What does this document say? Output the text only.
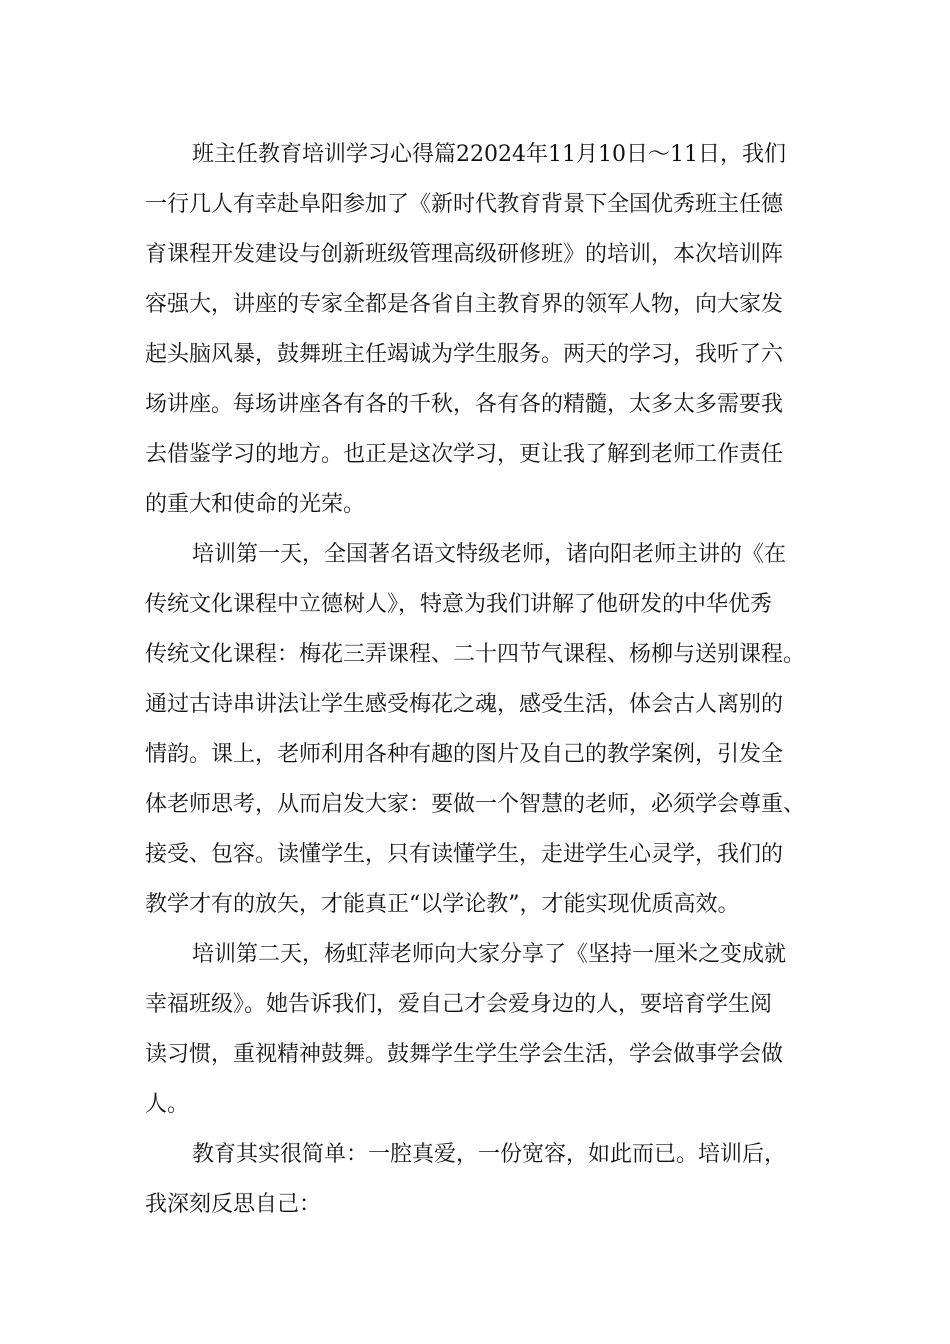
班主任教育培训学习心得篇22024年11月10日～11日，我们
一行几人有幸赴阜阳参加了《新时代教育背景下全国优秀班主任德
育课程开发建设与创新班级管理高级研修班》的培训，本次培训阵
容强大，讲座的专家全都是各省自主教育界的领军人物，向大家发
起头脑风暴，鼓舞班主任竭诚为学生服务。两天的学习，我听了六
场讲座。每场讲座各有各的千秋，各有各的精髓，太多太多需要我
去借鉴学习的地方。也正是这次学习，更让我了解到老师工作责任
的重大和使命的光荣。
培训第一天，全国著名语文特级老师，诸向阳老师主讲的《在
传统文化课程中立德树人》，特意为我们讲解了他研发的中华优秀
传统文化课程：梅花三弄课程、二十四节气课程、杨柳与送别课程。
通过古诗串讲法让学生感受梅花之魂，感受生活，体会古人离别的
情韵。课上，老师利用各种有趣的图片及自己的教学案例，引发全
体老师思考，从而启发大家：要做一个智慧的老师，必须学会尊重、
接受、包容。读懂学生，只有读懂学生，走进学生心灵学，我们的
教学才有的放矢，才能真正“以学论教”，才能实现优质高效。
培训第二天，杨虹萍老师向大家分享了《坚持一厘米之变成就
幸福班级》。她告诉我们，爱自己才会爱身边的人，要培育学生阅
读习惯，重视精神鼓舞。鼓舞学生学生学会生活，学会做事学会做
人。
教育其实很简单：一腔真爱，一份宽容，如此而已。培训后，
我深刻反思自己：
